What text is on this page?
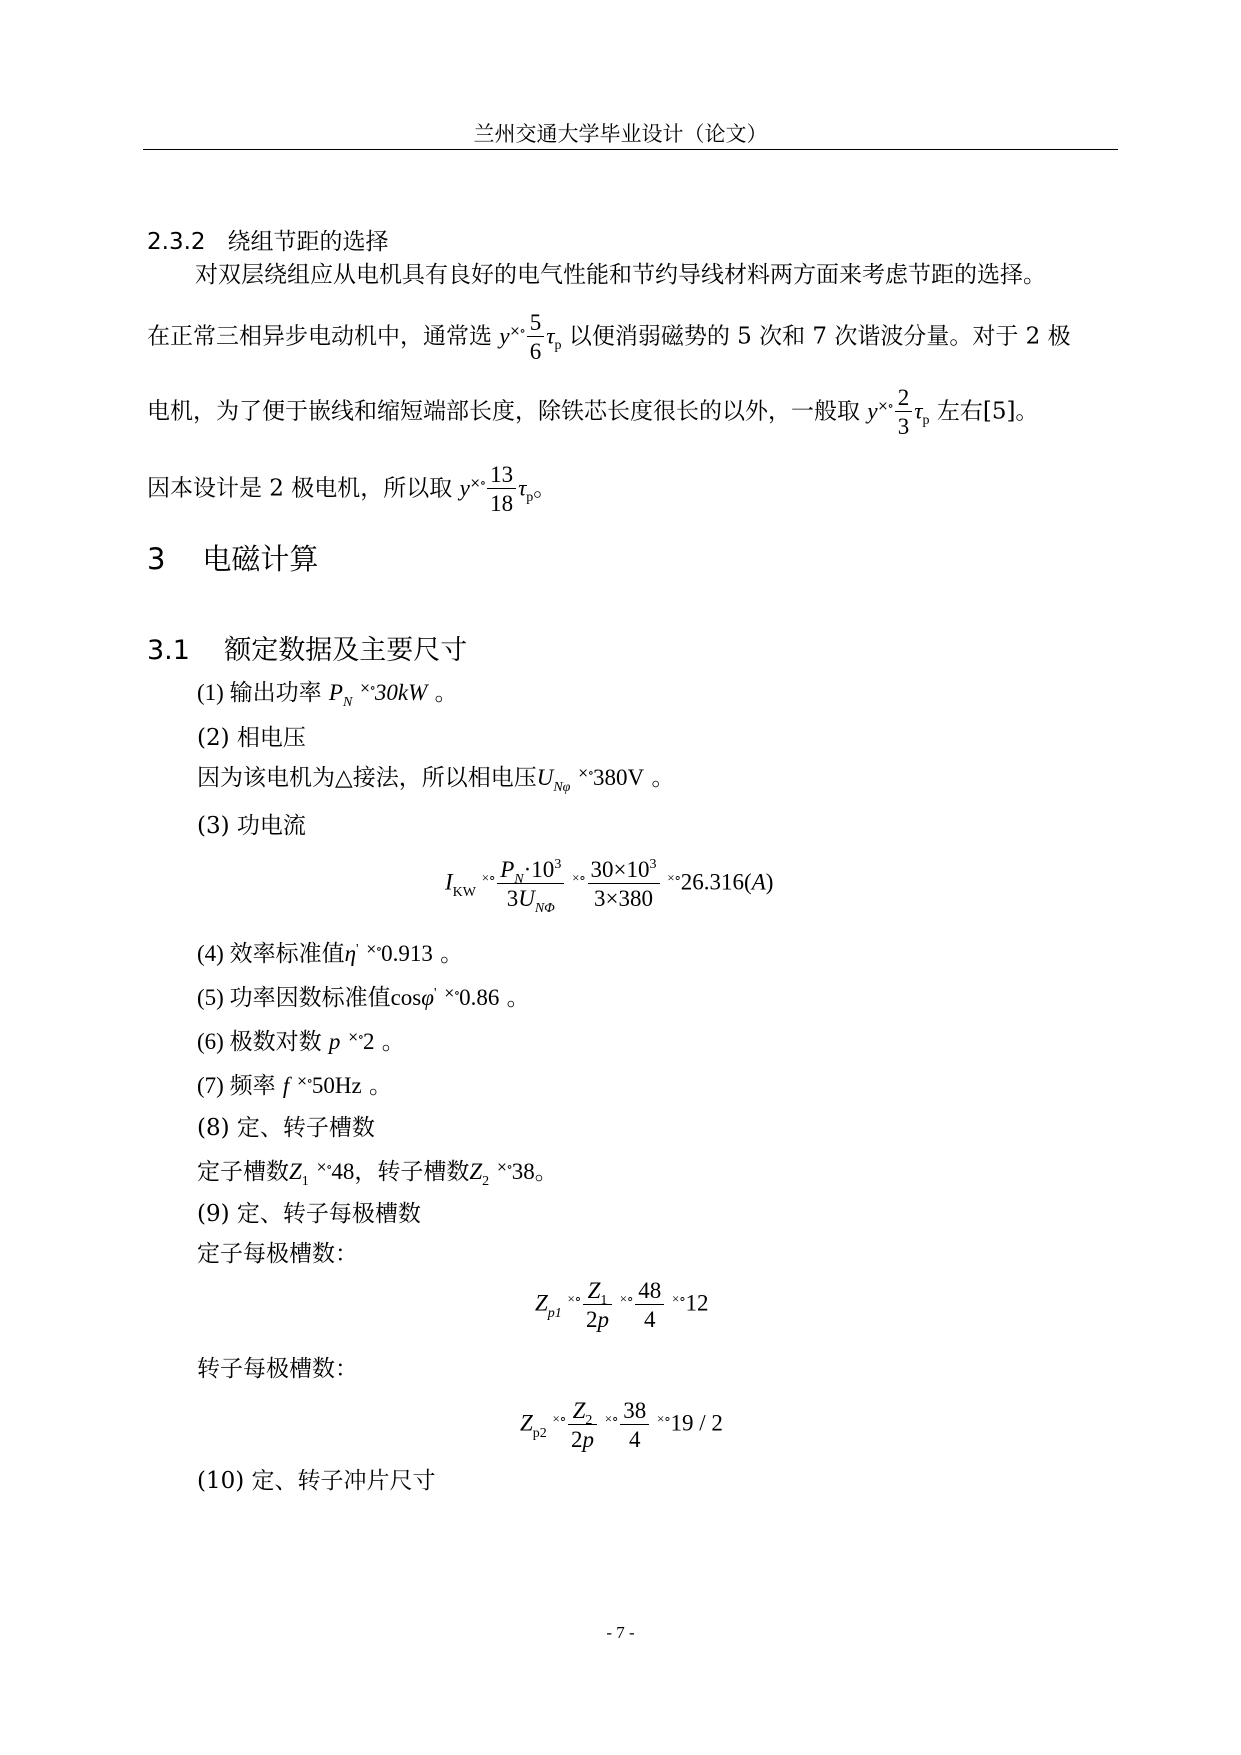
兰州交通大学毕业设计（论文）
2.3.2 绕组节距的选择
对双层绕组应从电机具有良好的电气性能和节约导线材料两方面来考虑节距的选择。
在正常三相异步电动机中，通常选 $y^{\times\circ} \frac{5}{6} \tau_p$ 以便消弱磁势的 5 次和 7 次谐波分量。对于 2 极
电机，为了便于嵌线和缩短端部长度，除铁芯长度很长的以外，一般取 $y^{\times\circ} \frac{2}{3} \tau_p$ 左右[5]。
因本设计是 2 极电机，所以取 $y^{\times\circ} \frac{13}{18} \tau_p$。
3 电磁计算
3.1 额定数据及主要尺寸
(1) 输出功率 $P_N$ ×∘30kW 。
(2) 相电压
因为该电机为△接法，所以相电压$U_{N\varphi}$ ×∘380V 。
(3) 功电流
$I_{KW}$ $^{\times\circ} \frac{P_N\cdot 10^3}{3U_{N\Phi}} ^{\times\circ} \frac{30\times 10^3}{3\times 380} ^{\times\circ}26.316(A)$
(4) 效率标准值η' ×∘0.913 。
(5) 功率因数标准值cosφ' ×∘0.86 。
(6) 极数对数 p ×∘2 。
(7) 频率 f ×∘50Hz 。
(8) 定、转子槽数
定子槽数$Z_1$ ×∘48，转子槽数$Z_2$ ×∘38。
(9) 定、转子每极槽数
定子每极槽数：
$Z_{p1}$ $^{\times\circ} \frac{Z_1}{2p} ^{\times\circ} \frac{48}{4} ^{\times\circ}12$
转子每极槽数：
$Z_{p2}$ $^{\times\circ} \frac{Z_2}{2p} ^{\times\circ} \frac{38}{4} ^{\times\circ}19 / 2$
(10) 定、转子冲片尺寸
- 7 -
